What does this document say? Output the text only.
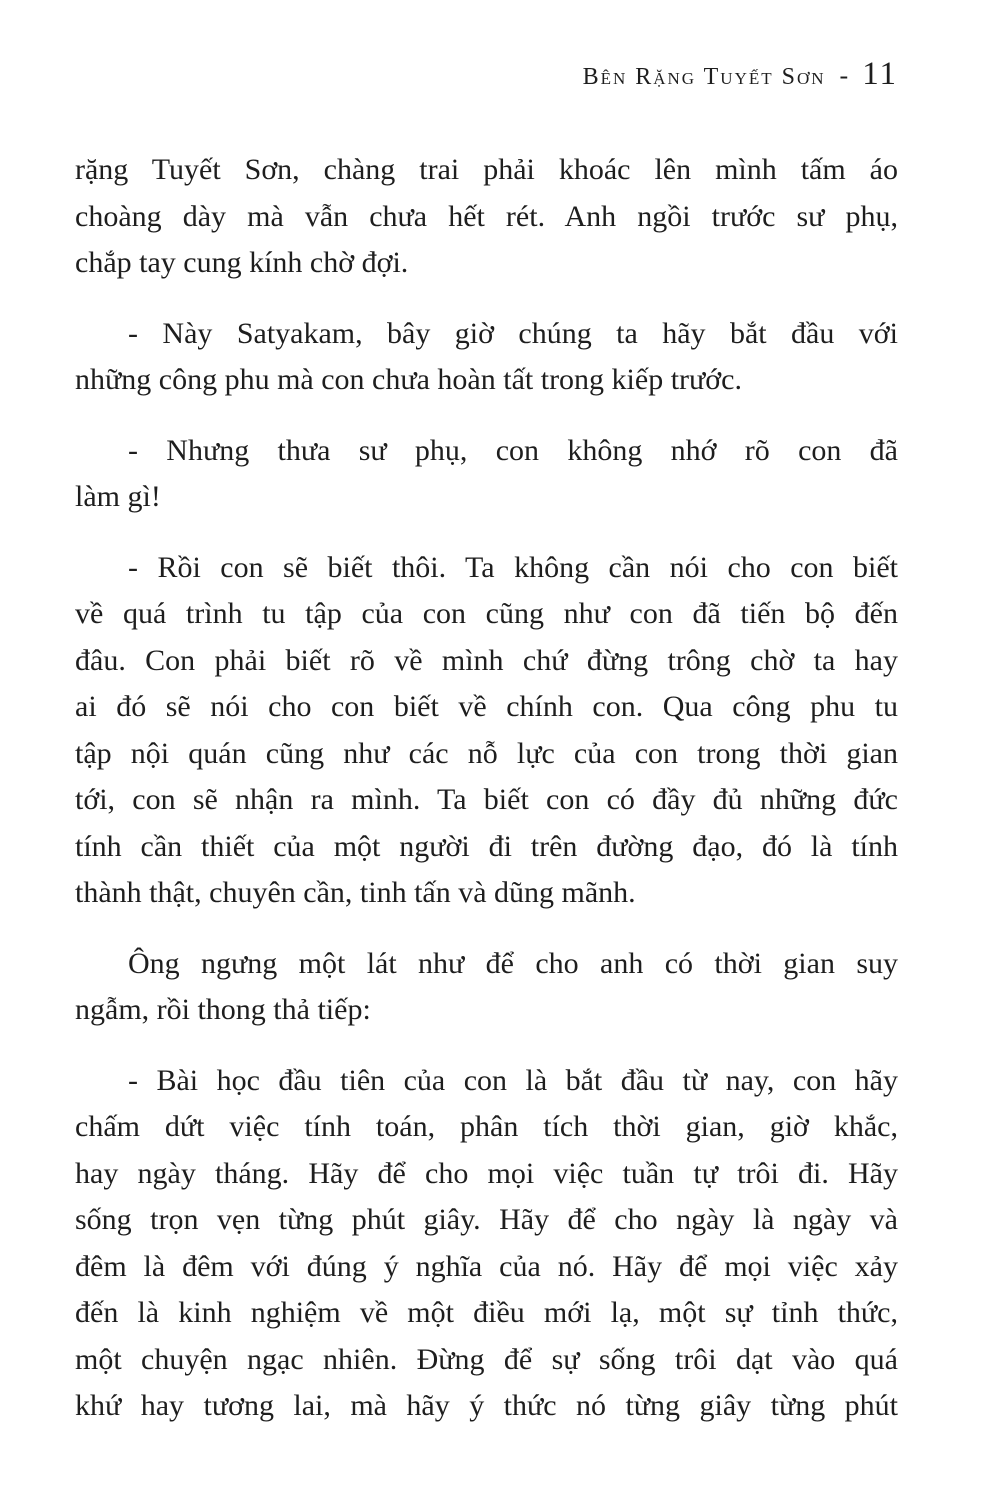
Bên Rặng Tuyết Sơn - 11
rặng Tuyết Sơn, chàng trai phải khoác lên mình tấm áo
choàng dày mà vẫn chưa hết rét. Anh ngồi trước sư phụ,
chắp tay cung kính chờ đợi.
- Này Satyakam, bây giờ chúng ta hãy bắt đầu với
những công phu mà con chưa hoàn tất trong kiếp trước.
- Nhưng thưa sư phụ, con không nhớ rõ con đã
làm gì!
- Rồi con sẽ biết thôi. Ta không cần nói cho con biết
về quá trình tu tập của con cũng như con đã tiến bộ đến
đâu. Con phải biết rõ về mình chứ đừng trông chờ ta hay
ai đó sẽ nói cho con biết về chính con. Qua công phu tu
tập nội quán cũng như các nỗ lực của con trong thời gian
tới, con sẽ nhận ra mình. Ta biết con có đầy đủ những đức
tính cần thiết của một người đi trên đường đạo, đó là tính
thành thật, chuyên cần, tinh tấn và dũng mãnh.
Ông ngưng một lát như để cho anh có thời gian suy
ngẫm, rồi thong thả tiếp:
- Bài học đầu tiên của con là bắt đầu từ nay, con hãy
chấm dứt việc tính toán, phân tích thời gian, giờ khắc,
hay ngày tháng. Hãy để cho mọi việc tuần tự trôi đi. Hãy
sống trọn vẹn từng phút giây. Hãy để cho ngày là ngày và
đêm là đêm với đúng ý nghĩa của nó. Hãy để mọi việc xảy
đến là kinh nghiệm về một điều mới lạ, một sự tỉnh thức,
một chuyện ngạc nhiên. Đừng để sự sống trôi dạt vào quá
khứ hay tương lai, mà hãy ý thức nó từng giây từng phút
